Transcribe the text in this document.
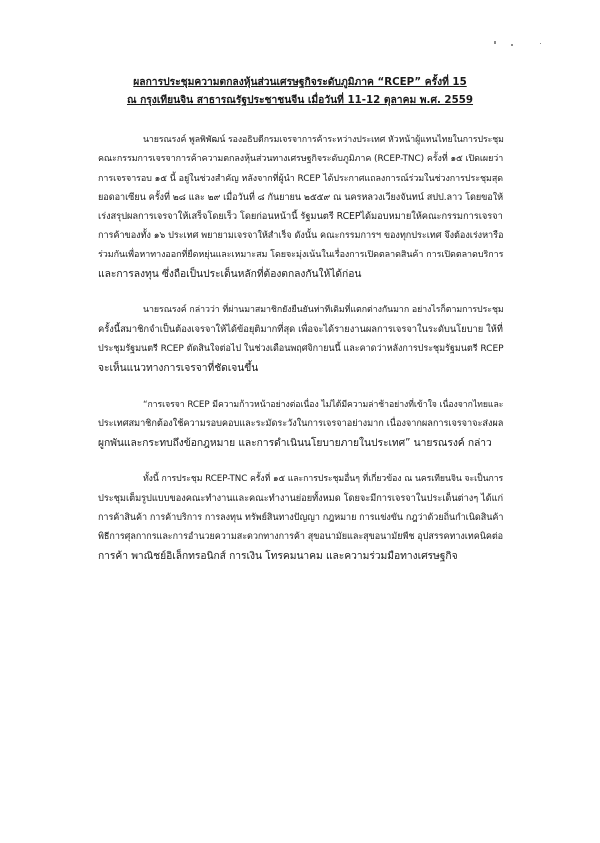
ผลการประชุมความตกลงหุ้นส่วนเศรษฐกิจระดับภูมิภาค “RCEP” ครั้งที่ 15
ณ กรุงเทียนจิน สาธารณรัฐประชาชนจีน เมื่อวันที่ 11-12 ตุลาคม พ.ศ. 2559
นายรณรงค์ พูลพิพัฒน์ รองอธิบดีกรมเจรจาการค้าระหว่างประเทศ หัวหน้าผู้แทนไทยในการประชุม
คณะกรรมการเจรจาการค้าความตกลงหุ้นส่วนทางเศรษฐกิจระดับภูมิภาค (RCEP-TNC) ครั้งที่ ๑๕ เปิดเผยว่า
การเจรจารอบ ๑๕ นี้ อยู่ในช่วงสำคัญ หลังจากที่ผู้นำ RCEP ได้ประกาศแถลงการณ์ร่วมในช่วงการประชุมสุด
ยอดอาเซียน ครั้งที่ ๒๘ และ ๒๙ เมื่อวันที่ ๘ กันยายน ๒๕๕๙ ณ นครหลวงเวียงจันทน์ สปป.ลาว โดยขอให้
เร่งสรุปผลการเจรจาให้เสร็จโดยเร็ว โดยก่อนหน้านี้ รัฐมนตรี RCEPได้มอบหมายให้คณะกรรมการเจรจา
การค้าของทั้ง ๑๖ ประเทศ พยายามเจรจาให้สำเร็จ ดังนั้น คณะกรรมการฯ ของทุกประเทศ จึงต้องเร่งหารือ
ร่วมกันเพื่อหาทางออกที่ยืดหยุ่นและเหมาะสม โดยจะมุ่งเน้นในเรื่องการเปิดตลาดสินค้า การเปิดตลาดบริการ
และการลงทุน ซึ่งถือเป็นประเด็นหลักที่ต้องตกลงกันให้ได้ก่อน
นายรณรงค์ กล่าวว่า ที่ผ่านมาสมาชิกยังยืนยันท่าทีเดิมที่แตกต่างกันมาก อย่างไรก็ตามการประชุม
ครั้งนี้สมาชิกจำเป็นต้องเจรจาให้ได้ข้อยุติมากที่สุด เพื่อจะได้รายงานผลการเจรจาในระดับนโยบาย ให้ที่
ประชุมรัฐมนตรี RCEP ตัดสินใจต่อไป ในช่วงเดือนพฤศจิกายนนี้ และคาดว่าหลังการประชุมรัฐมนตรี RCEP
จะเห็นแนวทางการเจรจาที่ชัดเจนขึ้น
“การเจรจา RCEP มีความก้าวหน้าอย่างต่อเนื่อง ไม่ได้มีความล่าช้าอย่างที่เข้าใจ เนื่องจากไทยและ
ประเทศสมาชิกต้องใช้ความรอบคอบและระมัดระวังในการเจรจาอย่างมาก เนื่องจากผลการเจรจาจะส่งผล
ผูกพันและกระทบถึงข้อกฎหมาย และการดำเนินนโยบายภายในประเทศ” นายรณรงค์ กล่าว
ทั้งนี้ การประชุม RCEP-TNC ครั้งที่ ๑๕ และการประชุมอื่นๆ ที่เกี่ยวข้อง ณ นครเทียนจิน จะเป็นการ
ประชุมเต็มรูปแบบของคณะทำงานและคณะทำงานย่อยทั้งหมด โดยจะมีการเจรจาในประเด็นต่างๆ ได้แก่
การค้าสินค้า การค้าบริการ การลงทุน ทรัพย์สินทางปัญญา กฎหมาย การแข่งขัน กฎว่าด้วยถิ่นกำเนิดสินค้า
พิธีการศุลกากรและการอำนวยความสะดวกทางการค้า สุขอนามัยและสุขอนามัยพืช อุปสรรคทางเทคนิคต่อ
การค้า พาณิชย์อิเล็กทรอนิกส์ การเงิน โทรคมนาคม และความร่วมมือทางเศรษฐกิจ
